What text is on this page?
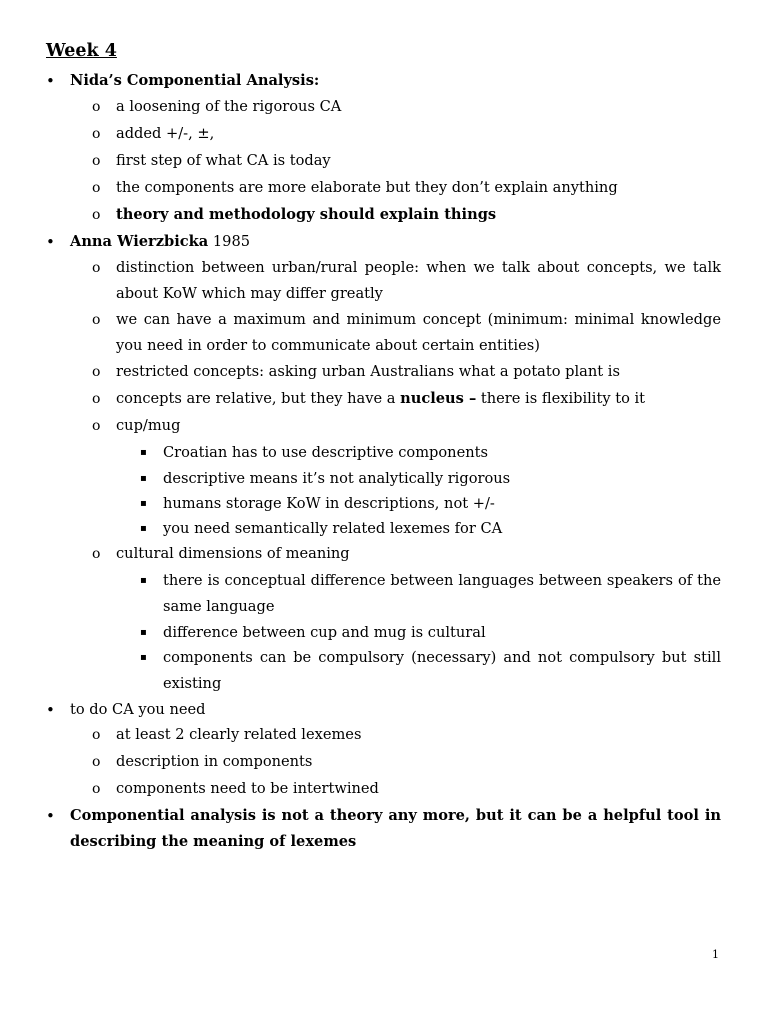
Week 4
• Nida’s Componential Analysis:
o a loosening of the rigorous CA
o added +/-, ±,
o first step of what CA is today
o the components are more elaborate but they don’t explain anything
o theory and methodology should explain things
• Anna Wierzbicka 1985
o distinction between urban/rural people: when we talk about concepts, we talk about KoW which may differ greatly
o we can have a maximum and minimum concept (minimum: minimal knowledge you need in order to communicate about certain entities)
o restricted concepts: asking urban Australians what a potato plant is
o concepts are relative, but they have a nucleus – there is flexibility to it
o cup/mug
▪ Croatian has to use descriptive components
▪ descriptive means it’s not analytically rigorous
▪ humans storage KoW in descriptions, not +/-
▪ you need semantically related lexemes for CA
o cultural dimensions of meaning
▪ there is conceptual difference between languages between speakers of the same language
▪ difference between cup and mug is cultural
▪ components can be compulsory (necessary) and not compulsory but still existing
• to do CA you need
o at least 2 clearly related lexemes
o description in components
o components need to be intertwined
• Componential analysis is not a theory any more, but it can be a helpful tool in describing the meaning of lexemes
1
